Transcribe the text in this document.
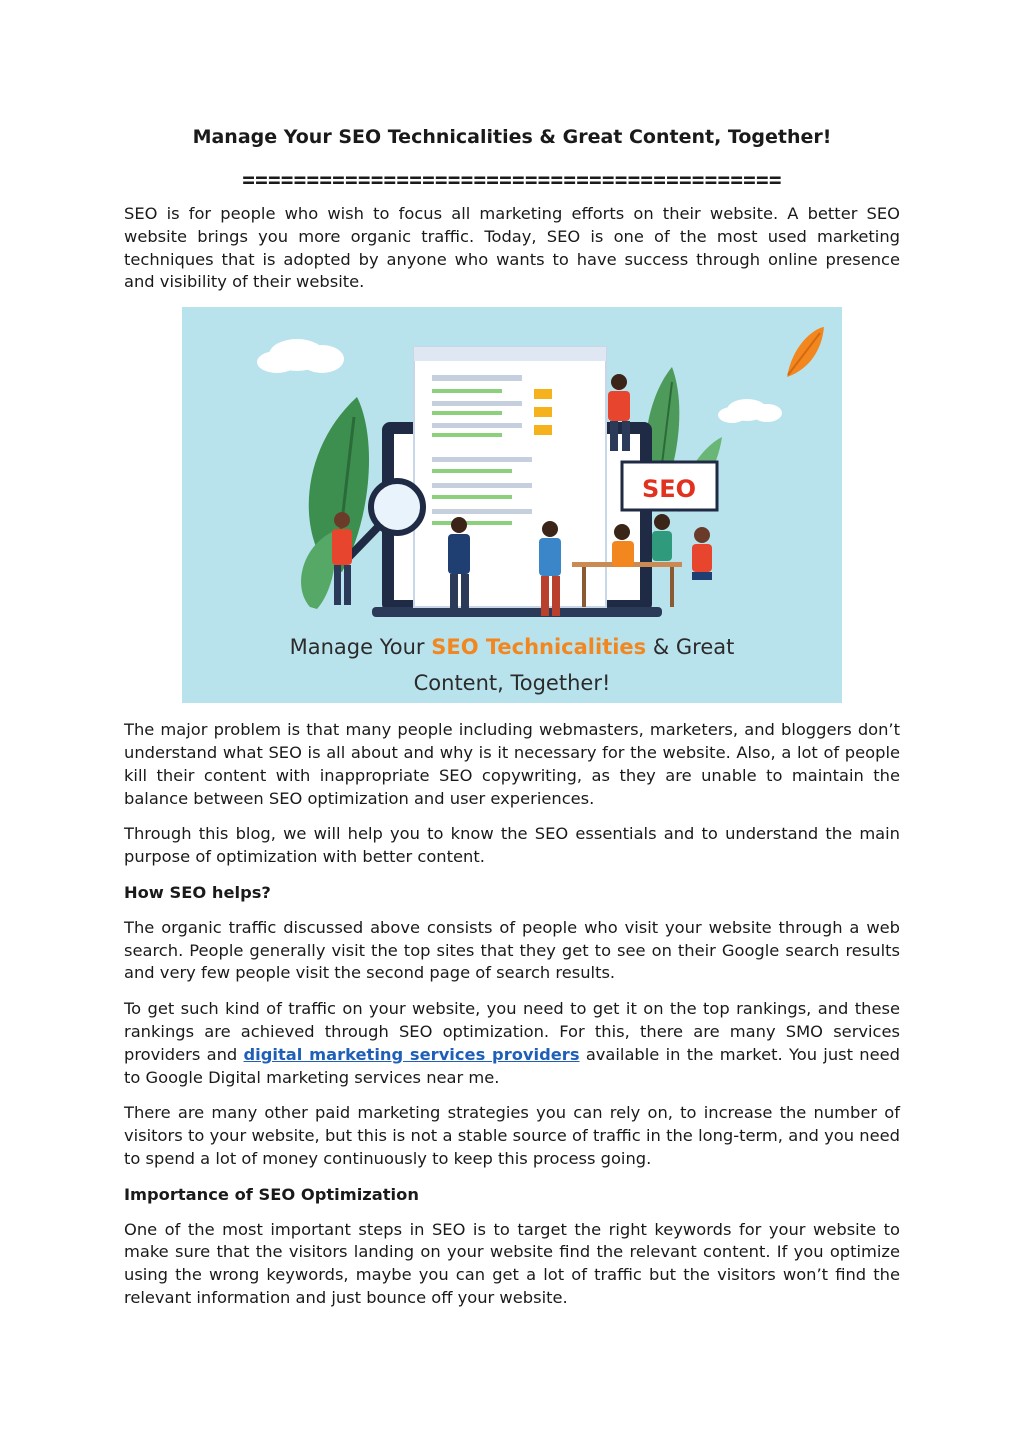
Manage Your SEO Technicalities & Great Content, Together!
==========================================

SEO is for people who wish to focus all marketing efforts on their website. A better SEO website brings you more organic traffic. Today, SEO is one of the most used marketing techniques that is adopted by anyone who wants to have success through online presence and visibility of their website.

SEO
Manage Your SEO Technicalities & Great
Content, Together!

The major problem is that many people including webmasters, marketers, and bloggers don’t understand what SEO is all about and why is it necessary for the website. Also, a lot of people kill their content with inappropriate SEO copywriting, as they are unable to maintain the balance between SEO optimization and user experiences.

Through this blog, we will help you to know the SEO essentials and to understand the main purpose of optimization with better content.

How SEO helps?

The organic traffic discussed above consists of people who visit your website through a web search. People generally visit the top sites that they get to see on their Google search results and very few people visit the second page of search results.

To get such kind of traffic on your website, you need to get it on the top rankings, and these rankings are achieved through SEO optimization. For this, there are many SMO services providers and digital marketing services providers available in the market. You just need to Google Digital marketing services near me.

There are many other paid marketing strategies you can rely on, to increase the number of visitors to your website, but this is not a stable source of traffic in the long-term, and you need to spend a lot of money continuously to keep this process going.

Importance of SEO Optimization

One of the most important steps in SEO is to target the right keywords for your website to make sure that the visitors landing on your website find the relevant content. If you optimize using the wrong keywords, maybe you can get a lot of traffic but the visitors won’t find the relevant information and just bounce off your website.
